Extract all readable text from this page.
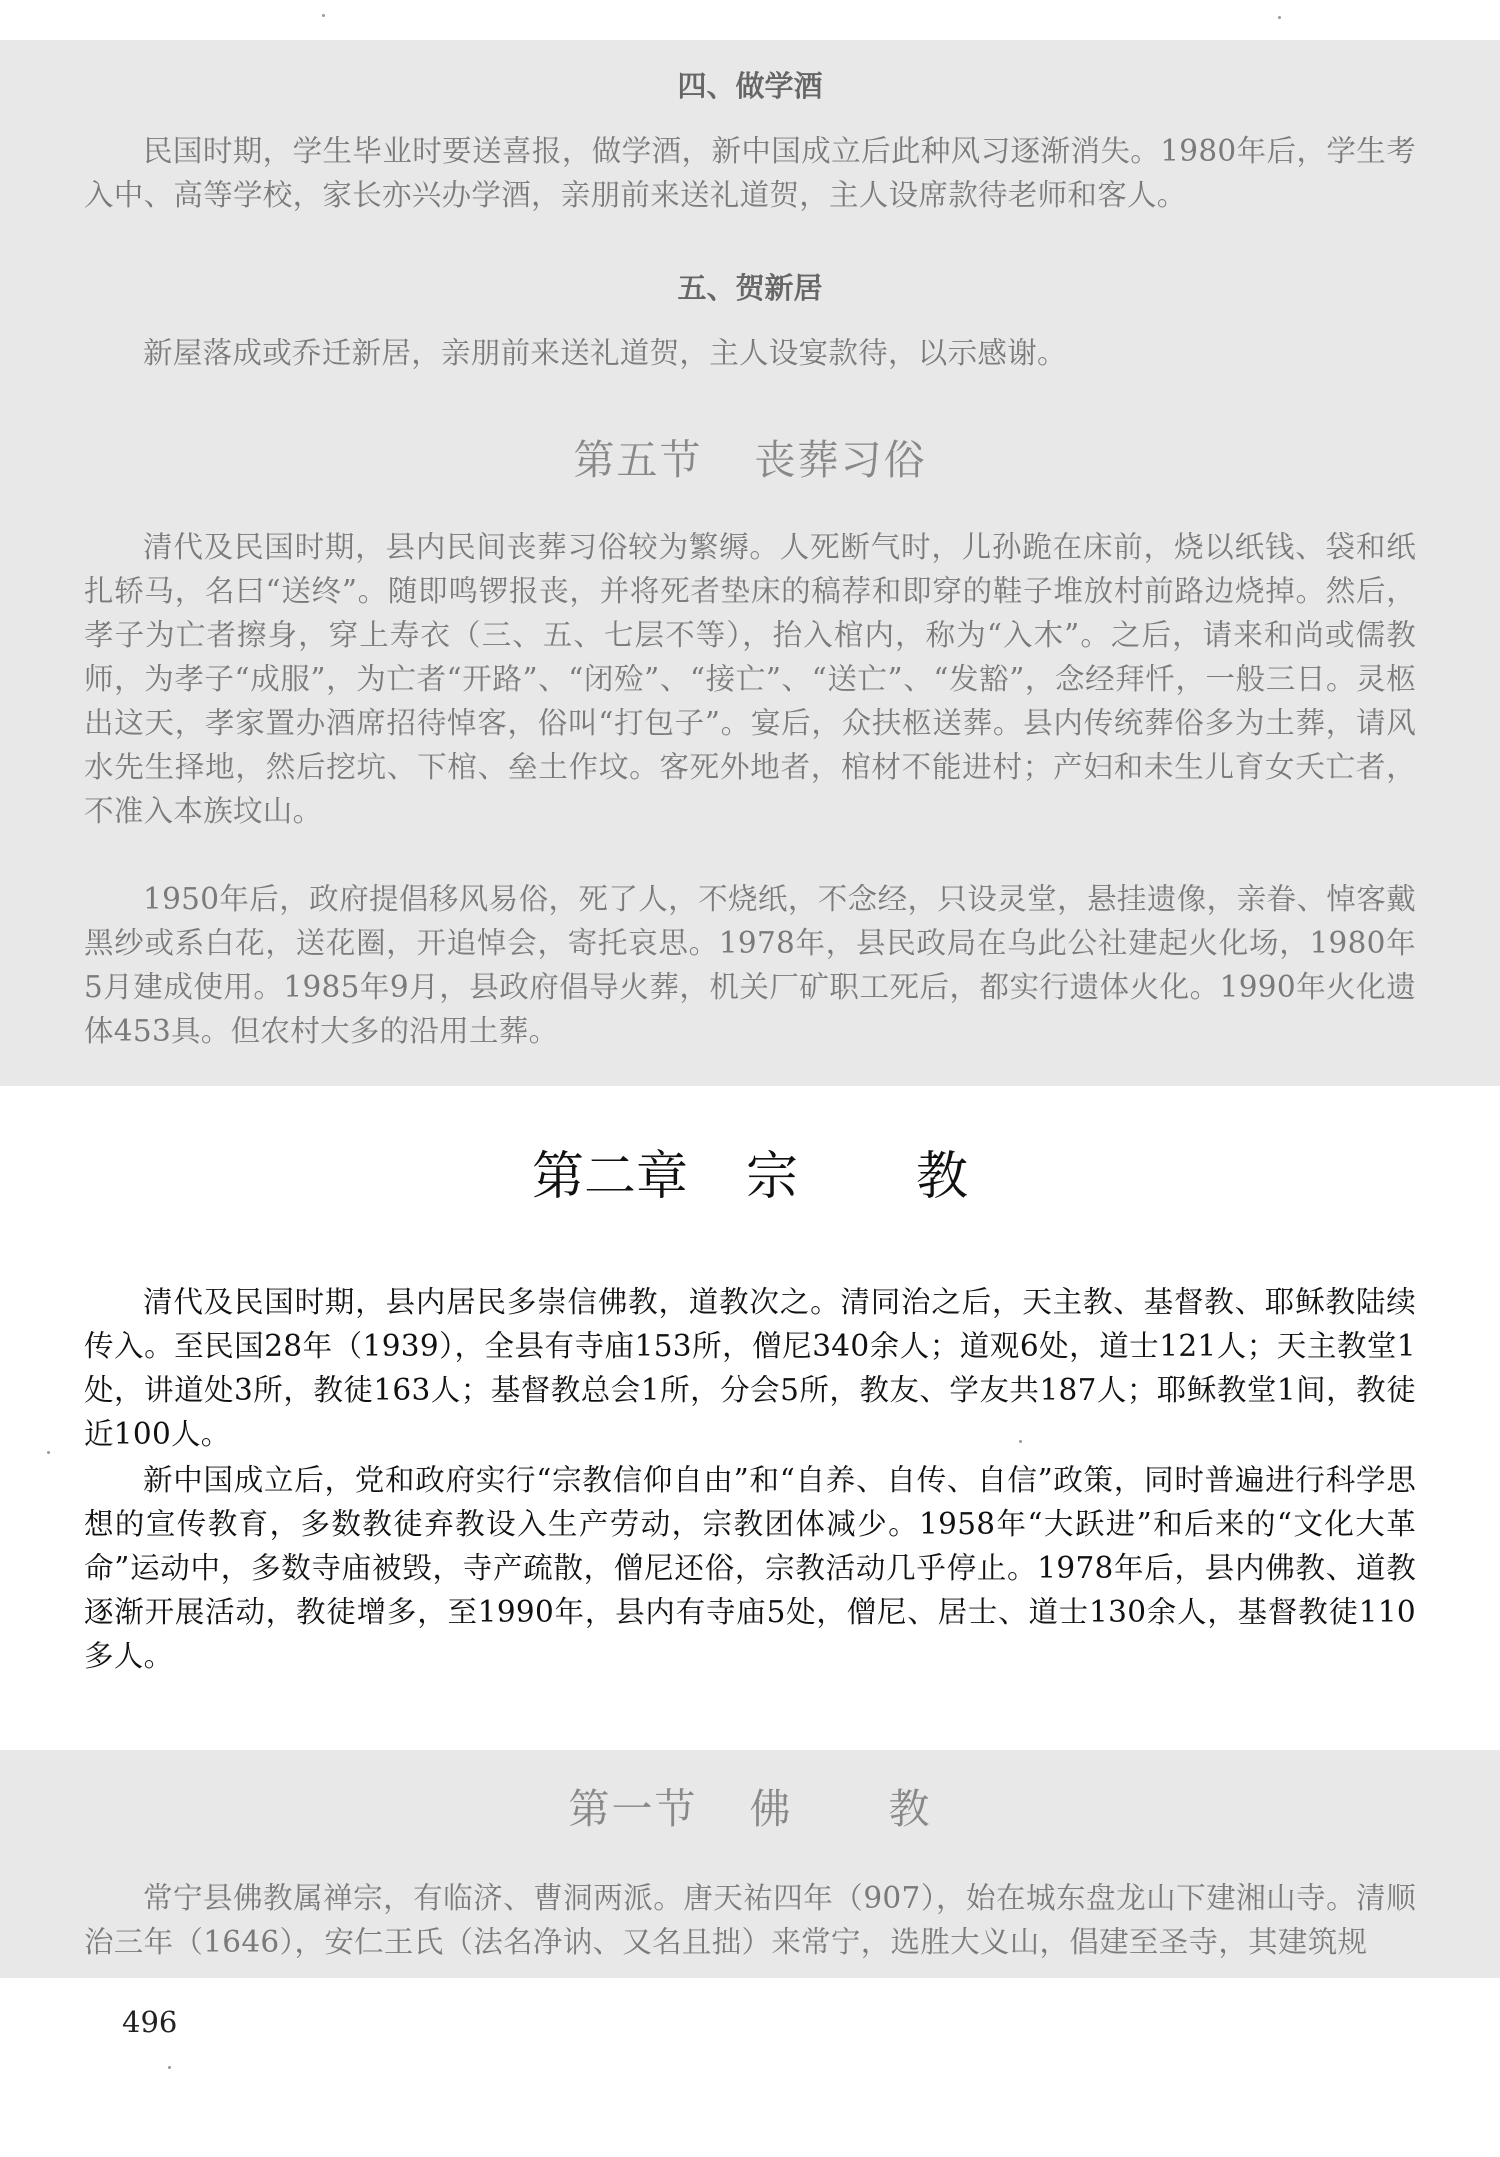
四、做学酒

民国时期，学生毕业时要送喜报，做学酒，新中国成立后此种风习逐渐消失。1980年后，学生考入中、高等学校，家长亦兴办学酒，亲朋前来送礼道贺，主人设席款待老师和客人。

五、贺新居

新屋落成或乔迁新居，亲朋前来送礼道贺，主人设宴款待，以示感谢。

第五节 丧葬习俗

清代及民国时期，县内民间丧葬习俗较为繁缛。人死断气时，儿孙跪在床前，烧以纸钱、袋和纸扎轿马，名曰“送终”。随即鸣锣报丧，并将死者垫床的稿荐和即穿的鞋子堆放村前路边烧掉。然后，孝子为亡者擦身，穿上寿衣（三、五、七层不等），抬入棺内，称为“入木”。之后，请来和尚或儒教师，为孝子“成服”，为亡者“开路”、“闭殓”、“接亡”、“送亡”、“发豁”，念经拜忏，一般三日。灵柩出这天，孝家置办酒席招待悼客，俗叫“打包子”。宴后，众扶柩送葬。县内传统葬俗多为土葬，请风水先生择地，然后挖坑、下棺、垒土作坟。客死外地者，棺材不能进村；产妇和未生儿育女夭亡者，不准入本族坟山。

1950年后，政府提倡移风易俗，死了人，不烧纸，不念经，只设灵堂，悬挂遗像，亲眷、悼客戴黑纱或系白花，送花圈，开追悼会，寄托哀思。1978年，县民政局在乌此公社建起火化场，1980年5月建成使用。1985年9月，县政府倡导火葬，机关厂矿职工死后，都实行遗体火化。1990年火化遗体453具。但农村大多的沿用土葬。

第二章 宗 教

清代及民国时期，县内居民多崇信佛教，道教次之。清同治之后，天主教、基督教、耶稣教陆续传入。至民国28年（1939），全县有寺庙153所，僧尼340余人；道观6处，道士121人；天主教堂1处，讲道处3所，教徒163人；基督教总会1所，分会5所，教友、学友共187人；耶稣教堂1间，教徒近100人。

新中国成立后，党和政府实行“宗教信仰自由”和“自养、自传、自信”政策，同时普遍进行科学思想的宣传教育，多数教徒弃教设入生产劳动，宗教团体减少。1958年“大跃进”和后来的“文化大革命”运动中，多数寺庙被毁，寺产疏散，僧尼还俗，宗教活动几乎停止。1978年后，县内佛教、道教逐渐开展活动，教徒增多，至1990年，县内有寺庙5处，僧尼、居士、道士130余人，基督教徒110多人。

第一节 佛 教

常宁县佛教属禅宗，有临济、曹洞两派。唐天祐四年（907），始在城东盘龙山下建湘山寺。清顺治三年（1646），安仁王氏（法名净讷、又名且拙）来常宁，选胜大义山，倡建至圣寺，其建筑规

496
